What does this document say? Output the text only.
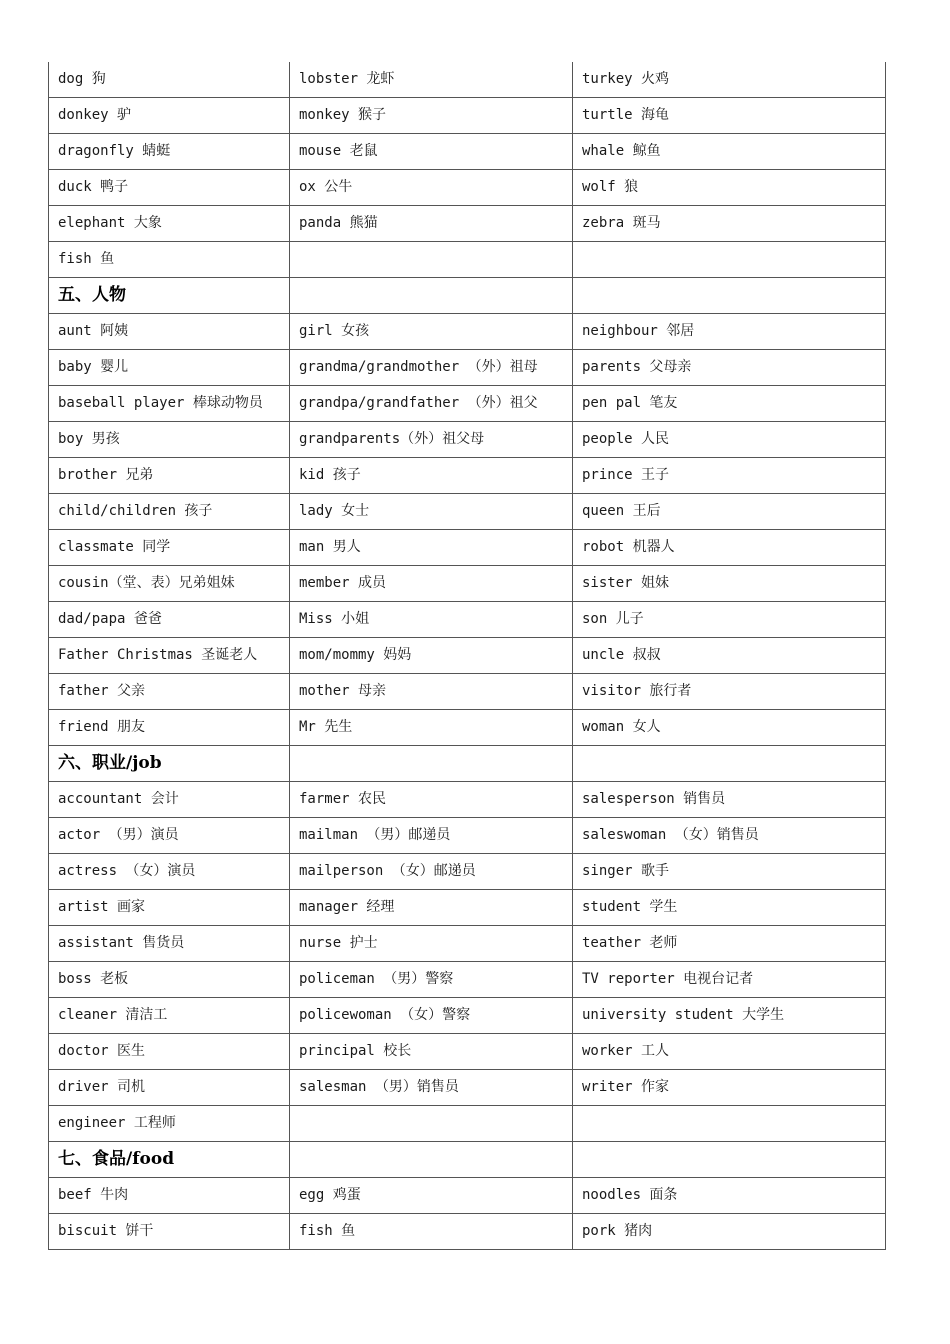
dog 狗	lobster 龙虾	turkey 火鸡
donkey 驴	monkey 猴子	turtle 海龟
dragonfly 蜻蜓	mouse 老鼠	whale 鲸鱼
duck 鸭子	ox 公牛	wolf 狼
elephant 大象	panda 熊猫	zebra 斑马
fish 鱼		
五、人物		
aunt 阿姨	girl 女孩	neighbour 邻居
baby 婴儿	grandma/grandmother （外）祖母	parents 父母亲
baseball player 棒球动物员	grandpa/grandfather （外）祖父	pen pal 笔友
boy 男孩	grandparents（外）祖父母	people 人民
brother 兄弟	kid 孩子	prince 王子
child/children 孩子	lady 女士	queen 王后
classmate 同学	man 男人	robot 机器人
cousin（堂、表）兄弟姐妹	member 成员	sister 姐妹
dad/papa 爸爸	Miss 小姐	son 儿子
Father Christmas 圣诞老人	mom/mommy 妈妈	uncle 叔叔
father 父亲	mother 母亲	visitor 旅行者
friend 朋友	Mr 先生	woman 女人
六、职业/job		
accountant 会计	farmer 农民	salesperson 销售员
actor （男）演员	mailman （男）邮递员	saleswoman （女）销售员
actress （女）演员	mailperson （女）邮递员	singer 歌手
artist 画家	manager 经理	student 学生
assistant 售货员	nurse 护士	teather 老师
boss 老板	policeman （男）警察	TV reporter 电视台记者
cleaner 清洁工	policewoman （女）警察	university student 大学生
doctor 医生	principal 校长	worker 工人
driver 司机	salesman （男）销售员	writer 作家
engineer 工程师		
七、食品/food		
beef 牛肉	egg 鸡蛋	noodles 面条
biscuit 饼干	fish 鱼	pork 猪肉
